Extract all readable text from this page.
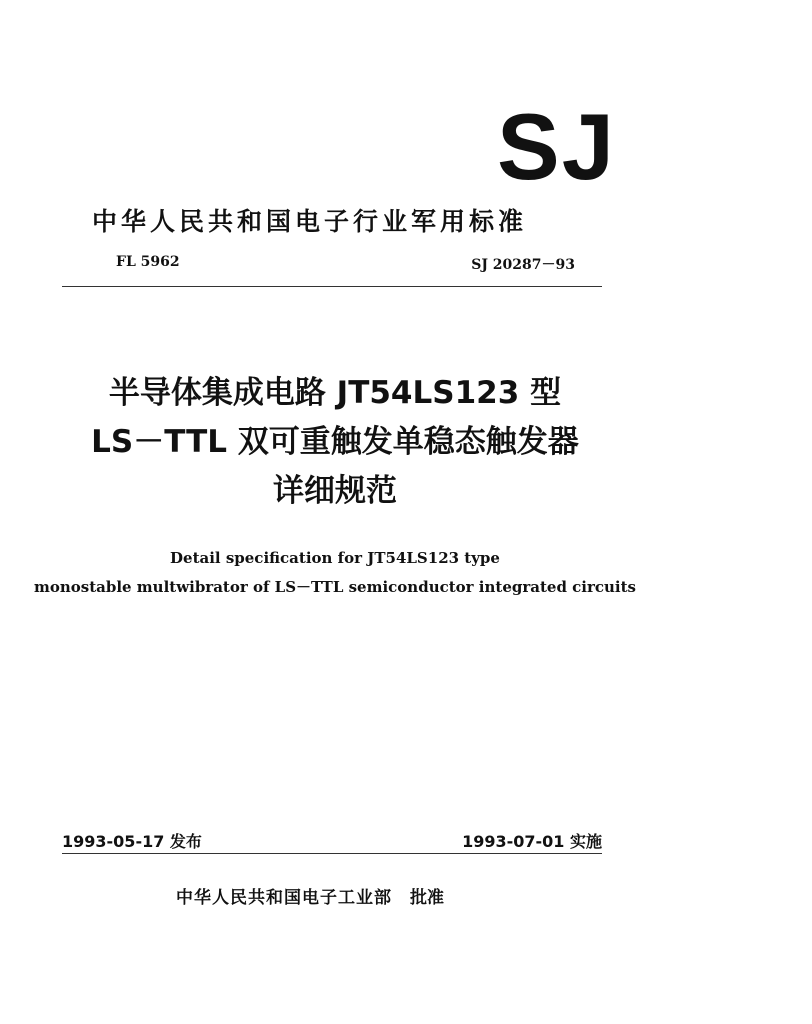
SJ
中华人民共和国电子行业军用标准
FL 5962	SJ 20287－93
半导体集成电路 JT54LS123 型
LS－TTL 双可重触发单稳态触发器
详细规范
Detail specification for JT54LS123 type
monostable multwibrator of LS－TTL semiconductor integrated circuits
1993-05-17 发布	1993-07-01 实施
中华人民共和国电子工业部 批准
